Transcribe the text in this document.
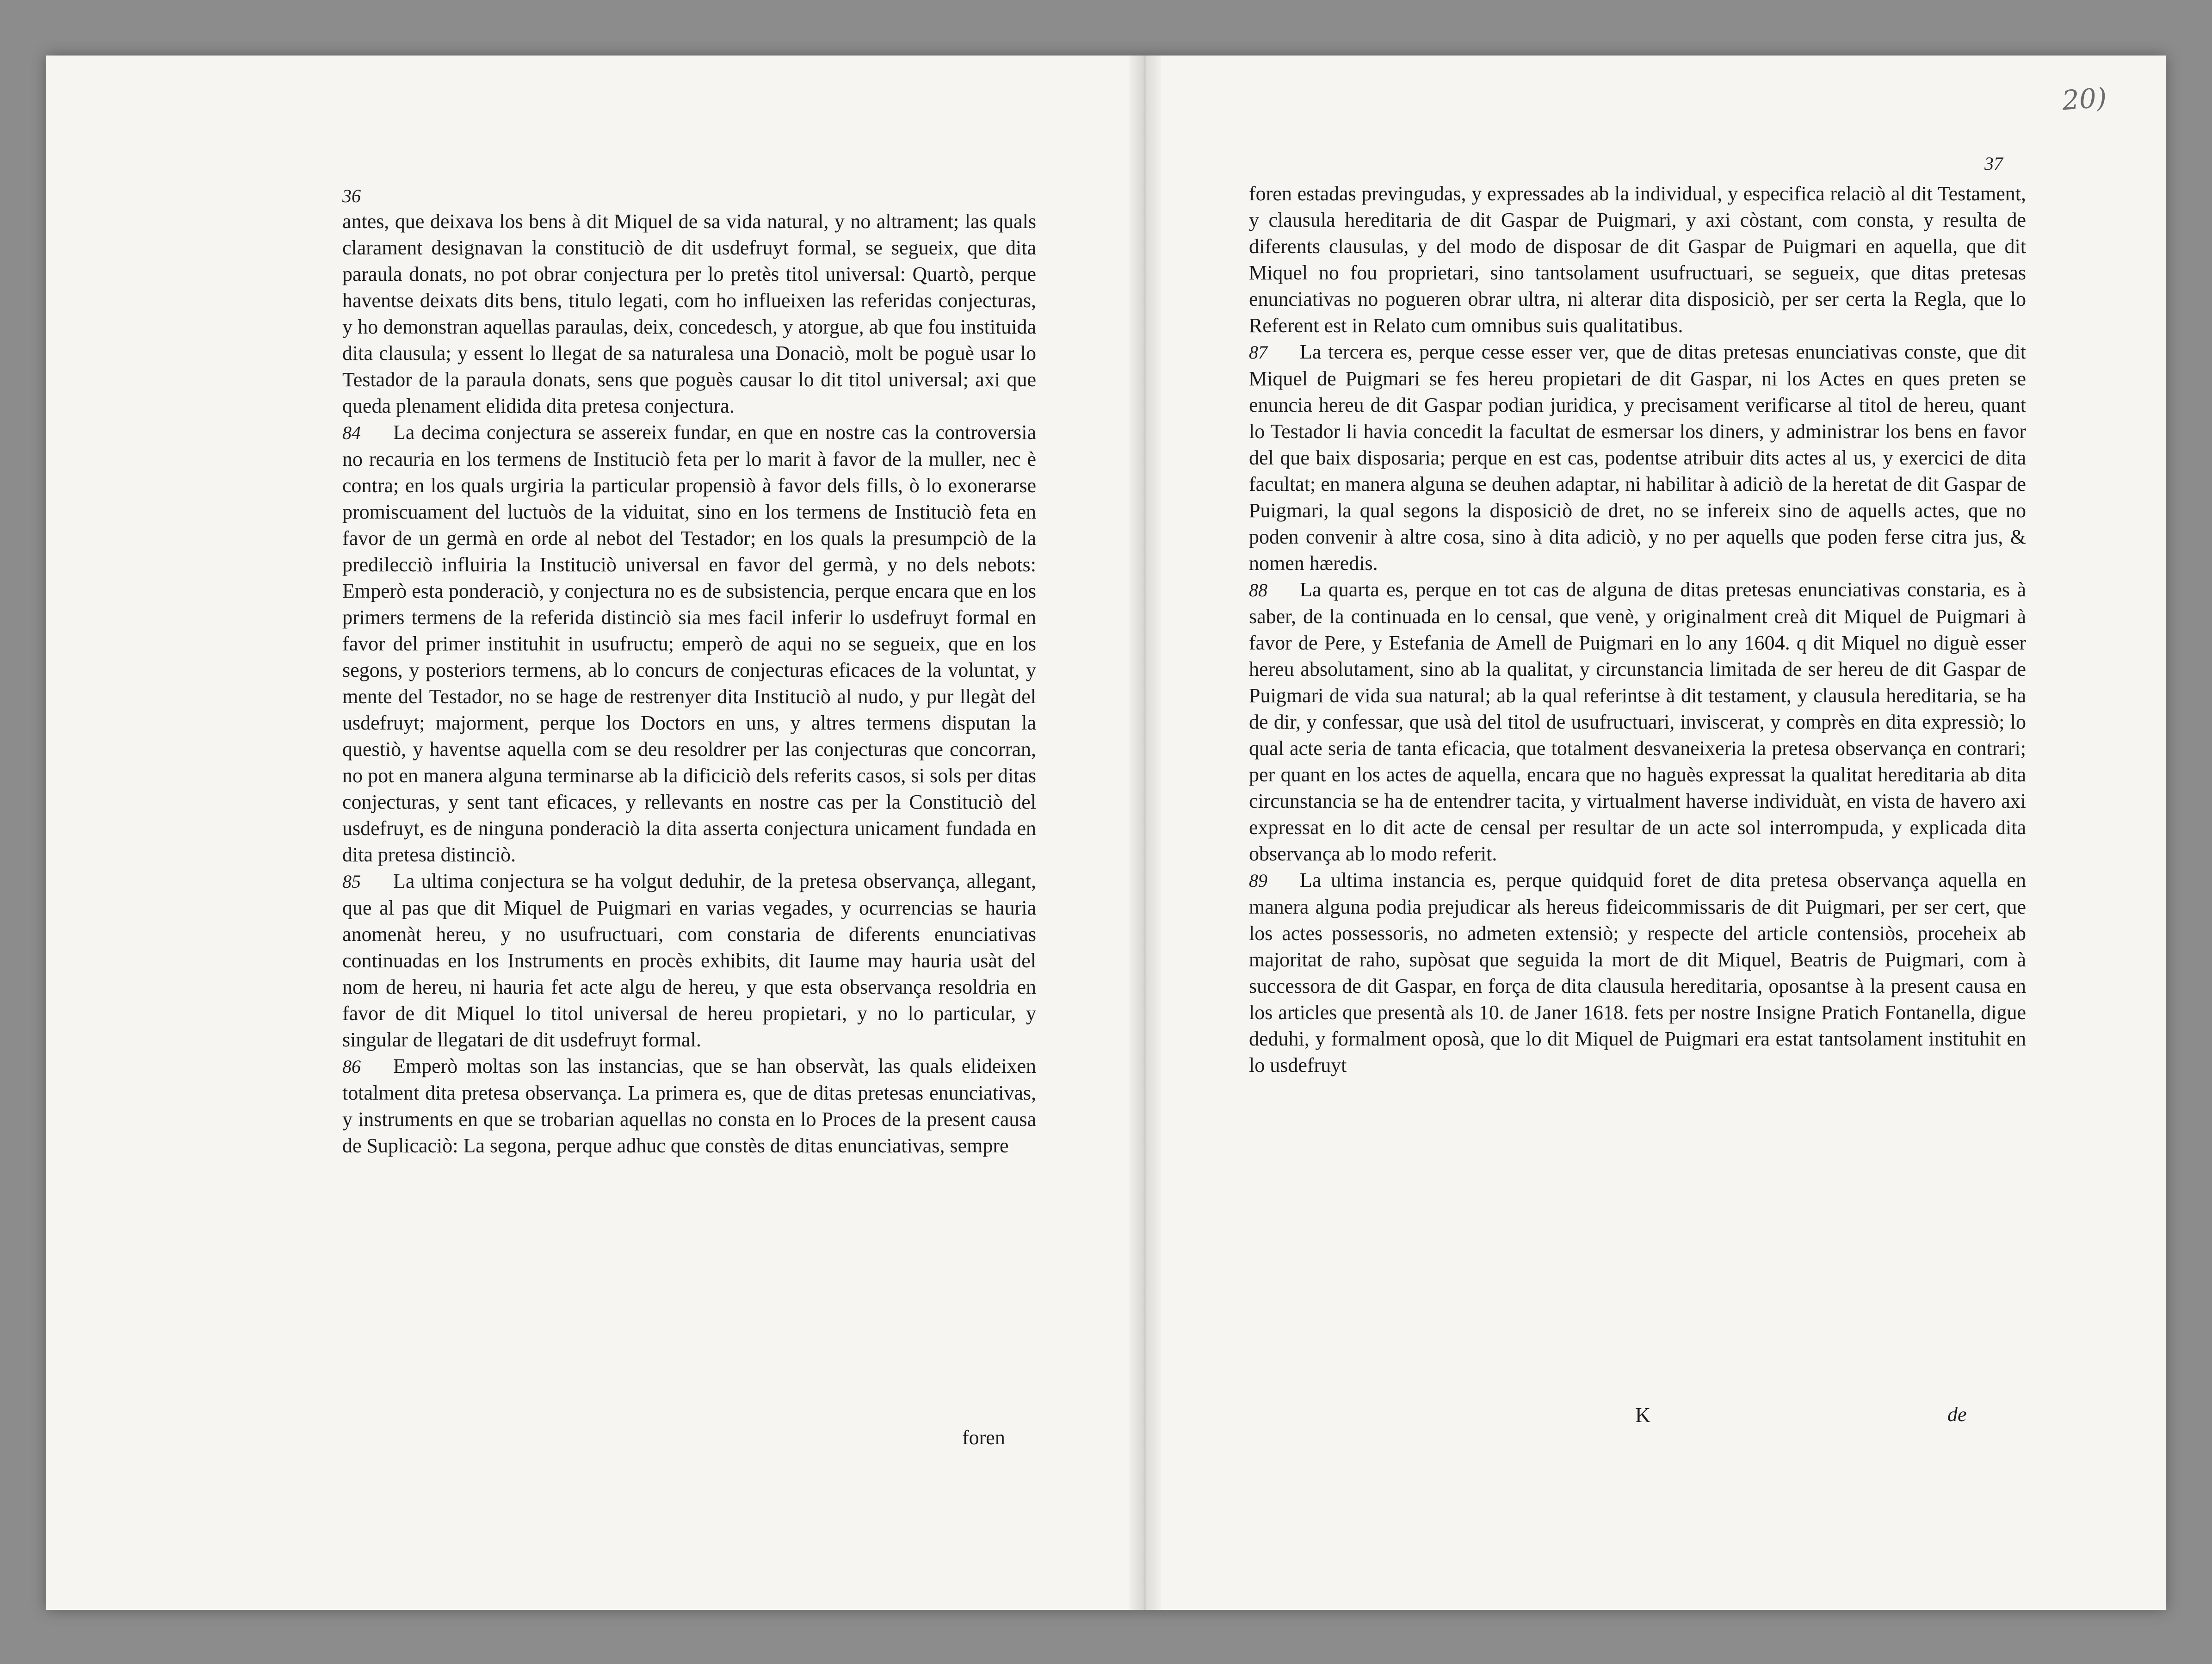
36

antes, que deixava los bens à dit Miquel de sa vida natural, y no altrament; las quals clarament designavan la constituciò de dit usdefruyt formal, se segueix, que dita paraula donats, no pot obrar conjectura per lo pretès titol universal: Quartò, perque haventse deixats dits bens, titulo legati, com ho influeixen las referidas conjecturas, y ho demonstran aquellas paraulas, deix, concedesch, y atorgue, ab que fou instituida dita clausula; y essent lo llegat de sa naturalesa una Donaciò, molt be poguè usar lo Testador de la paraula donats, sens que poguès causar lo dit titol universal; axi que queda plenament elidida dita pretesa conjectura.

84 La decima conjectura se assereix fundar, en que en nostre cas la controversia no recauria en los termens de Instituciò feta per lo marit à favor de la muller, nec è contra; en los quals urgiria la particular propensiò à favor dels fills, ò lo exonerarse promiscuament del luctuòs de la viduitat, sino en los termens de Instituciò feta en favor de un germà en orde al nebot del Testador; en los quals la presumpciò de la predilecciò influiria la Instituciò universal en favor del germà, y no dels nebots: Emperò esta ponderaciò, y conjectura no es de subsistencia, perque encara que en los primers termens de la referida distinciò sia mes facil inferir lo usdefruyt formal en favor del primer instituhit in usufructu; emperò de aqui no se segueix, que en los segons, y posteriors termens, ab lo concurs de conjecturas eficaces de la voluntat, y mente del Testador, no se hage de restrenyer dita Instituciò al nudo, y pur llegàt del usdefruyt; majorment, perque los Doctors en uns, y altres termens disputan la questiò, y haventse aquella com se deu resoldrer per las conjecturas que concorran, no pot en manera alguna terminarse ab la dificiciò dels referits casos, si sols per ditas conjecturas, y sent tant eficaces, y rellevants en nostre cas per la Constituciò del usdefruyt, es de ninguna ponderaciò la dita asserta conjectura unicament fundada en dita pretesa distinciò.

85 La ultima conjectura se ha volgut deduhir, de la pretesa observança, allegant, que al pas que dit Miquel de Puigmari en varias vegades, y ocurrencias se hauria anomenàt hereu, y no usufructuari, com constaria de diferents enunciativas continuadas en los Instruments en procès exhibits, dit Iaume may hauria usàt del nom de hereu, ni hauria fet acte algu de hereu, y que esta observança resoldria en favor de dit Miquel lo titol universal de hereu propietari, y no lo particular, y singular de llegatari de dit usdefruyt formal.

86 Emperò moltas son las instancias, que se han observàt, las quals elideixen totalment dita pretesa observança. La primera es, que de ditas pretesas enunciativas, y instruments en que se trobarian aquellas no consta en lo Proces de la present causa de Suplicaciò: La segona, perque adhuc que constès de ditas enunciativas, sempre

foren
20)
37

foren estadas previngudas, y expressades ab la individual, y especifica relaciò al dit Testament, y clausula hereditaria de dit Gaspar de Puigmari, y axi còstant, com consta, y resulta de diferents clausulas, y del modo de disposar de dit Gaspar de Puigmari en aquella, que dit Miquel no fou proprietari, sino tantsolament usufructuari, se segueix, que ditas pretesas enunciativas no pogueren obrar ultra, ni alterar dita disposiciò, per ser certa la Regla, que lo Referent est in Relato cum omnibus suis qualitatibus.

87 La tercera es, perque cesse esser ver, que de ditas pretesas enunciativas conste, que dit Miquel de Puigmari se fes hereu propietari de dit Gaspar, ni los Actes en ques preten se enuncia hereu de dit Gaspar podian juridica, y precisament verificarse al titol de hereu, quant lo Testador li havia concedit la facultat de esmersar los diners, y administrar los bens en favor del que baix disposaria; perque en est cas, podentse atribuir dits actes al us, y exercici de dita facultat; en manera alguna se deuhen adaptar, ni habilitar à adiciò de la heretat de dit Gaspar de Puigmari, la qual segons la disposiciò de dret, no se infereix sino de aquells actes, que no poden convenir à altre cosa, sino à dita adiciò, y no per aquells que poden ferse citra jus, & nomen hæredis.

88 La quarta es, perque en tot cas de alguna de ditas pretesas enunciativas constaria, es à saber, de la continuada en lo censal, que venè, y originalment creà dit Miquel de Puigmari à favor de Pere, y Estefania de Amell de Puigmari en lo any 1604. q dit Miquel no diguè esser hereu absolutament, sino ab la qualitat, y circunstancia limitada de ser hereu de dit Gaspar de Puigmari de vida sua natural; ab la qual referintse à dit testament, y clausula hereditaria, se ha de dir, y confessar, que usà del titol de usufructuari, inviscerat, y comprès en dita expressiò; lo qual acte seria de tanta eficacia, que totalment desvaneixeria la pretesa observança en contrari; per quant en los actes de aquella, encara que no haguès expressat la qualitat hereditaria ab dita circunstancia se ha de entendrer tacita, y virtualment haverse individuàt, en vista de havero axi expressat en lo dit acte de censal per resultar de un acte sol interrompuda, y explicada dita observança ab lo modo referit.

89 La ultima instancia es, perque quidquid foret de dita pretesa observança aquella en manera alguna podia prejudicar als hereus fideicommissaris de dit Puigmari, per ser cert, que los actes possessoris, no admeten extensiò; y respecte del article contensiòs, proceheix ab majoritat de raho, supòsat que seguida la mort de dit Miquel, Beatris de Puigmari, com à successora de dit Gaspar, en força de dita clausula hereditaria, oposantse à la present causa en los articles que presentà als 10. de Janer 1618. fets per nostre Insigne Pratich Fontanella, digue deduhi, y formalment oposà, que lo dit Miquel de Puigmari era estat tantsolament instituhit en lo usdefruyt

K	de
